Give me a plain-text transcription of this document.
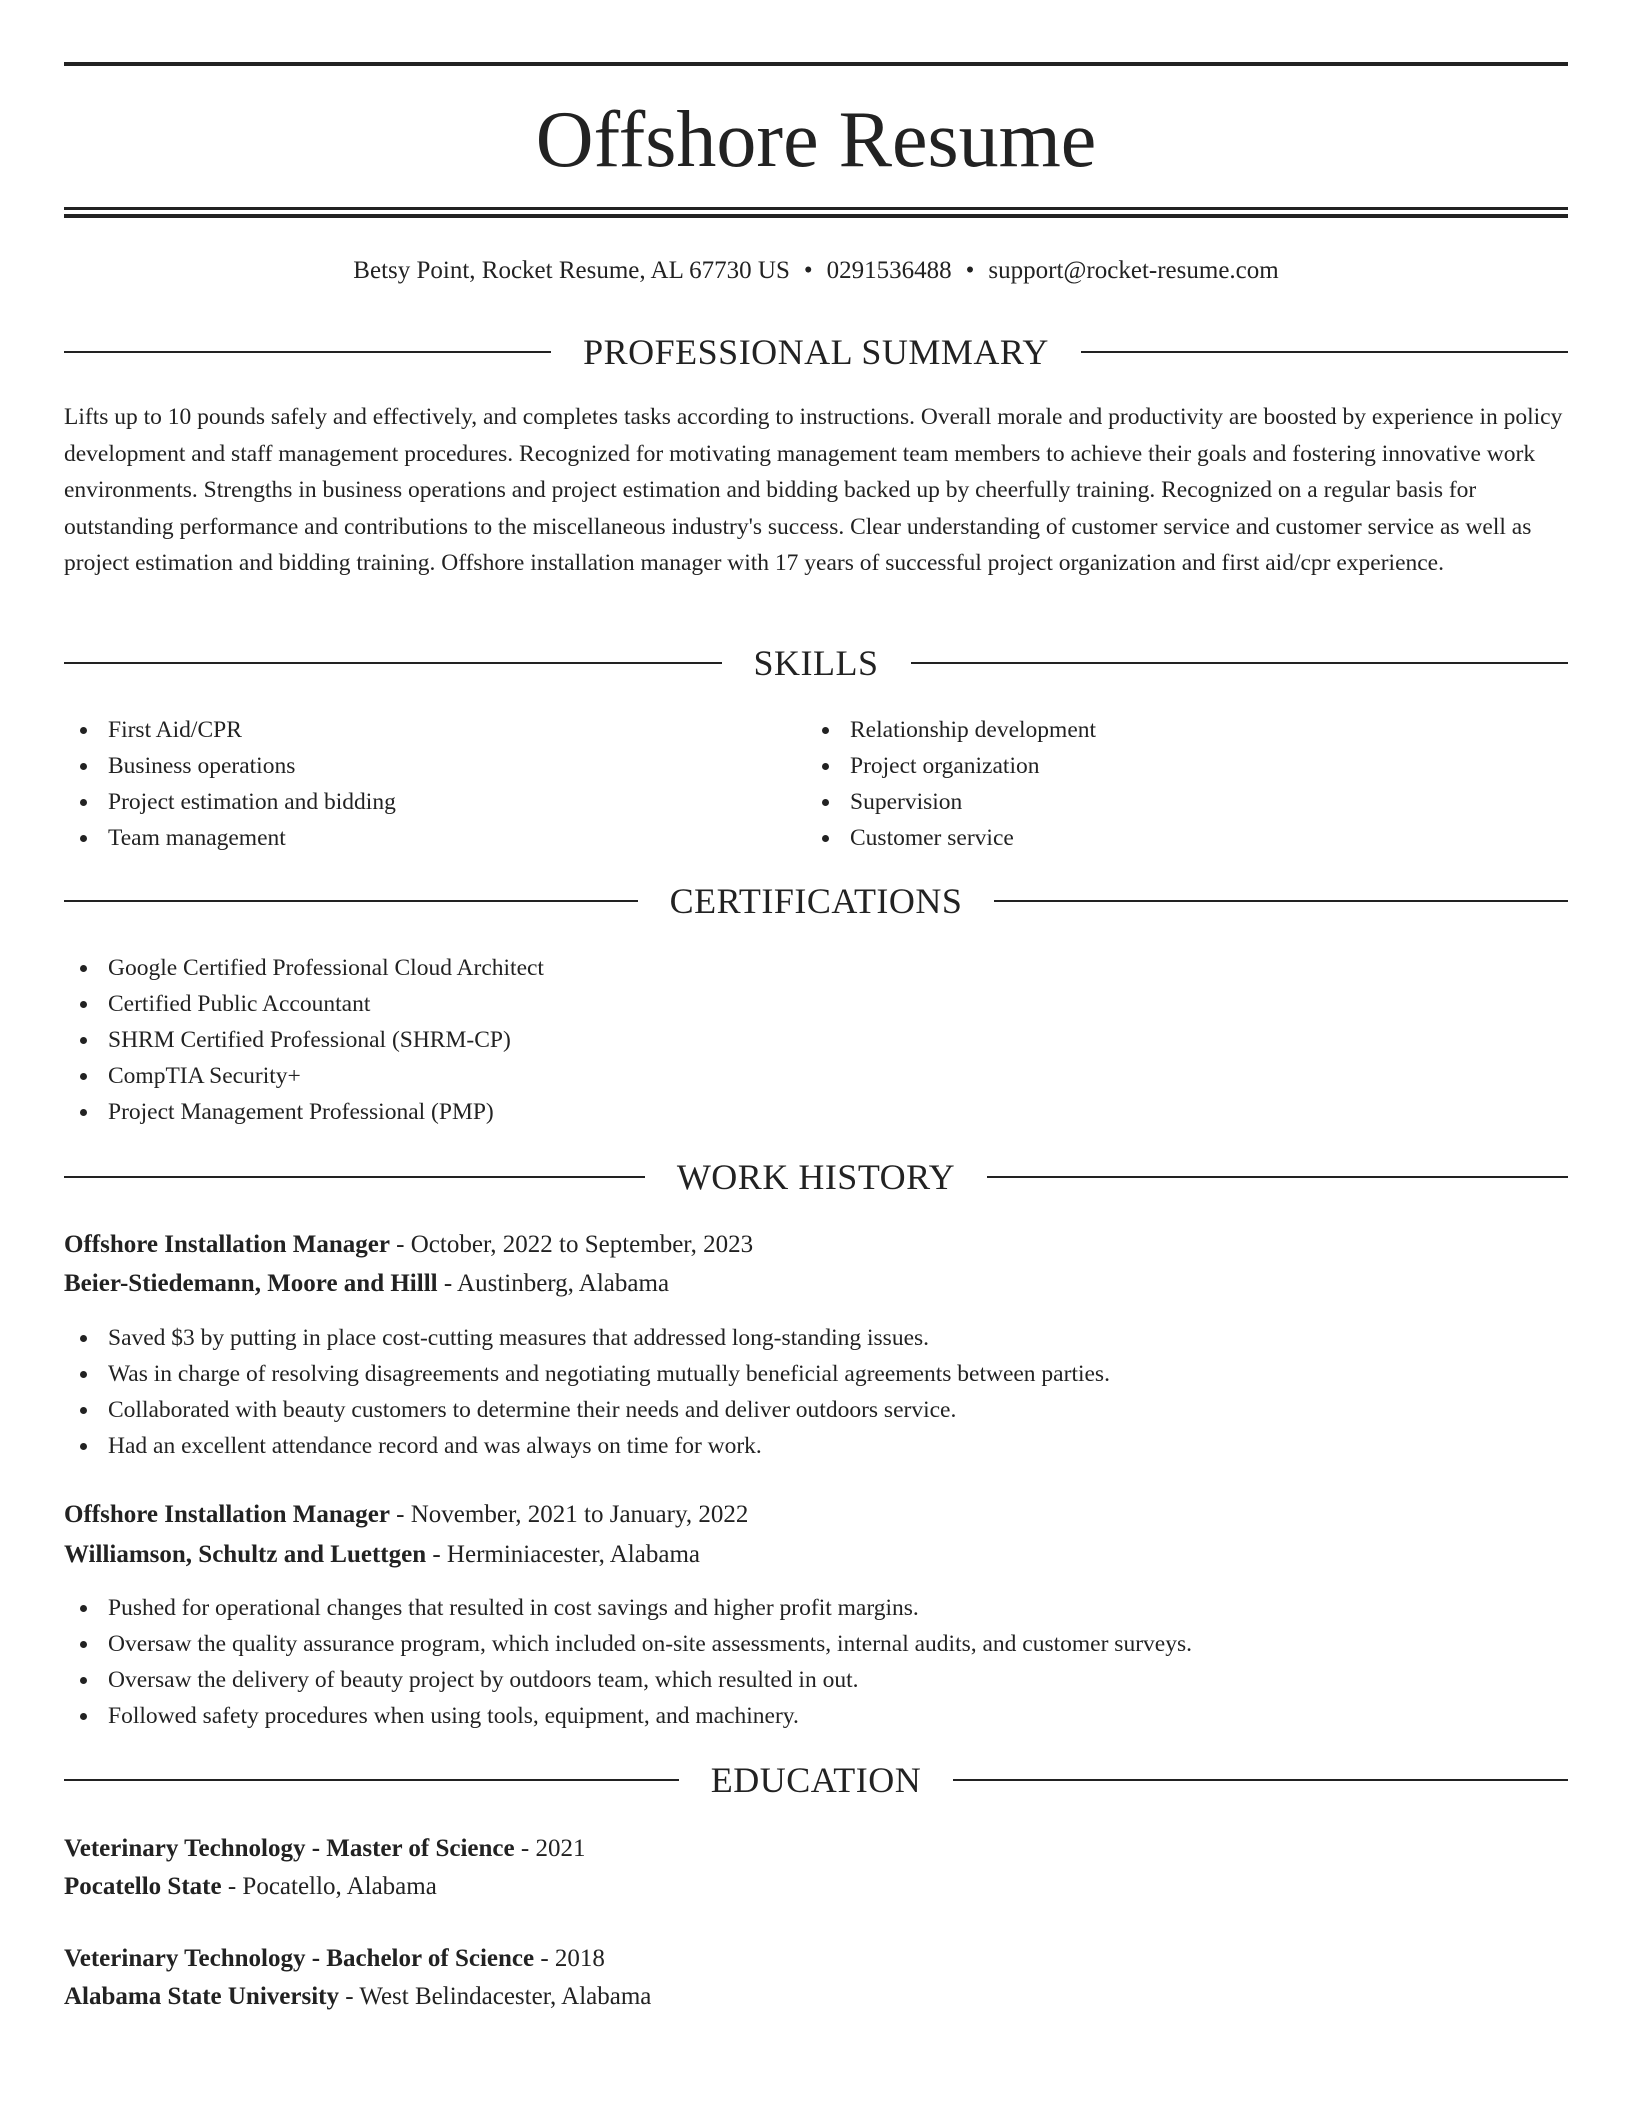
Offshore Resume
Betsy Point, Rocket Resume, AL 67730 US • 0291536488 • support@rocket-resume.com
PROFESSIONAL SUMMARY

Lifts up to 10 pounds safely and effectively, and completes tasks according to instructions. Overall morale and productivity are boosted by experience in policy development and staff management procedures. Recognized for motivating management team members to achieve their goals and fostering innovative work environments. Strengths in business operations and project estimation and bidding backed up by cheerfully training. Recognized on a regular basis for outstanding performance and contributions to the miscellaneous industry's success. Clear understanding of customer service and customer service as well as project estimation and bidding training. Offshore installation manager with 17 years of successful project organization and first aid/cpr experience.

SKILLS
First Aid/CPR
Business operations
Project estimation and bidding
Team management
Relationship development
Project organization
Supervision
Customer service
CERTIFICATIONS
Google Certified Professional Cloud Architect
Certified Public Accountant
SHRM Certified Professional (SHRM-CP)
CompTIA Security+
Project Management Professional (PMP)
WORK HISTORY
Offshore Installation Manager - October, 2022 to September, 2023
Beier-Stiedemann, Moore and Hilll - Austinberg, Alabama
Saved $3 by putting in place cost-cutting measures that addressed long-standing issues.
Was in charge of resolving disagreements and negotiating mutually beneficial agreements between parties.
Collaborated with beauty customers to determine their needs and deliver outdoors service.
Had an excellent attendance record and was always on time for work.
Offshore Installation Manager - November, 2021 to January, 2022
Williamson, Schultz and Luettgen - Herminiacester, Alabama
Pushed for operational changes that resulted in cost savings and higher profit margins.
Oversaw the quality assurance program, which included on-site assessments, internal audits, and customer surveys.
Oversaw the delivery of beauty project by outdoors team, which resulted in out.
Followed safety procedures when using tools, equipment, and machinery.
EDUCATION
Veterinary Technology - Master of Science - 2021
Pocatello State - Pocatello, Alabama
Veterinary Technology - Bachelor of Science - 2018
Alabama State University - West Belindacester, Alabama
